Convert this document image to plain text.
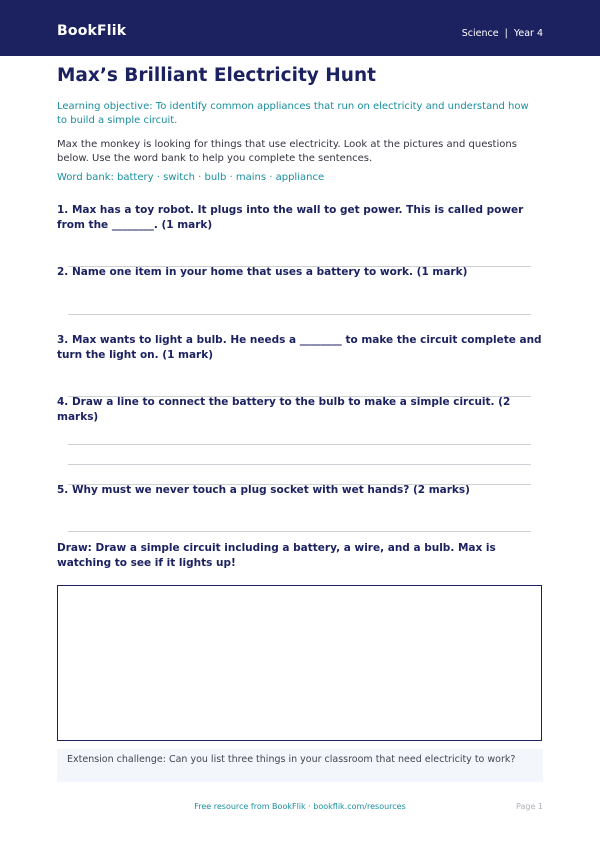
BookFlik	Science | Year 4
Max’s Brilliant Electricity Hunt
Learning objective: To identify common appliances that run on electricity and understand how to build a simple circuit.
Max the monkey is looking for things that use electricity. Look at the pictures and questions below. Use the word bank to help you complete the sentences.
Word bank: battery · switch · bulb · mains · appliance
1. Max has a toy robot. It plugs into the wall to get power. This is called power from the ________. (1 mark)
2. Name one item in your home that uses a battery to work. (1 mark)
3. Max wants to light a bulb. He needs a ________ to make the circuit complete and turn the light on. (1 mark)
4. Draw a line to connect the battery to the bulb to make a simple circuit. (2 marks)
5. Why must we never touch a plug socket with wet hands? (2 marks)
Draw: Draw a simple circuit including a battery, a wire, and a bulb. Max is watching to see if it lights up!
Extension challenge: Can you list three things in your classroom that need electricity to work?
Free resource from BookFlik · bookflik.com/resources	Page 1
